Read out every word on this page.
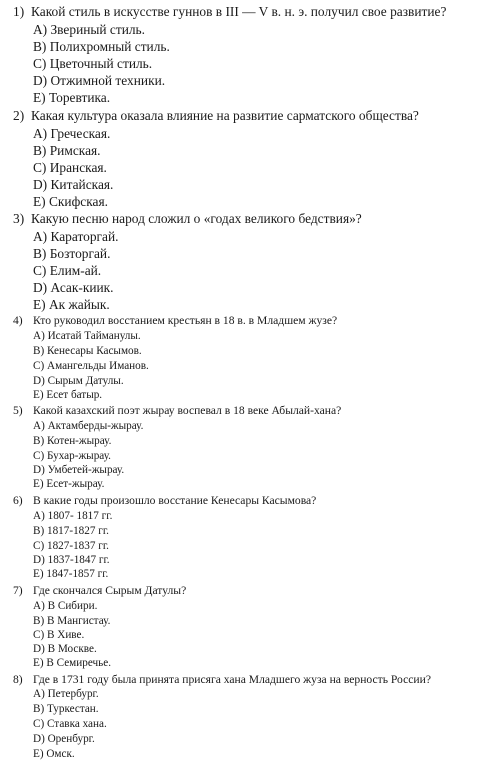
1) Какой стиль в искусстве гуннов в III — V в. н. э. получил свое развитие?
А) Звериный стиль.
В) Полихромный стиль.
С) Цветочный стиль.
D) Отжимной техники.
Е) Торевтика.
2) Какая культура оказала влияние на развитие сарматского общества?
А) Греческая.
В) Римская.
С) Иранская.
D) Китайская.
Е) Скифская.
3) Какую песню народ сложил о «годах великого бедствия»?
А) Караторгай.
В) Бозторгай.
С) Елим-ай.
D) Асак-киик.
Е) Ак жайык.
4) Кто руководил восстанием крестьян в 18 в. в Младшем жузе?
А) Исатай Тайманулы.
В) Кенесары Касымов.
С) Амангельды Иманов.
D) Сырым Датулы.
Е) Есет батыр.
5) Какой казахский поэт жырау воспевал в 18 веке Абылай-хана?
А) Актамберды-жырау.
В) Котен-жырау.
С) Бухар-жырау.
D) Умбетей-жырау.
Е) Есет-жырау.
6) В какие годы произошло восстание Кенесары Касымова?
А) 1807- 1817 гг.
В) 1817-1827 гг.
С) 1827-1837 гг.
D) 1837-1847 гг.
Е) 1847-1857 гг.
7) Где скончался Сырым Датулы?
А) В Сибири.
В) В Мангистау.
С) В Хиве.
D) В Москве.
Е) В Семиречье.
8) Где в 1731 году была принята присяга хана Младшего жуза на верность России?
А) Петербург.
В) Туркестан.
С) Ставка хана.
D) Оренбург.
Е) Омск.
